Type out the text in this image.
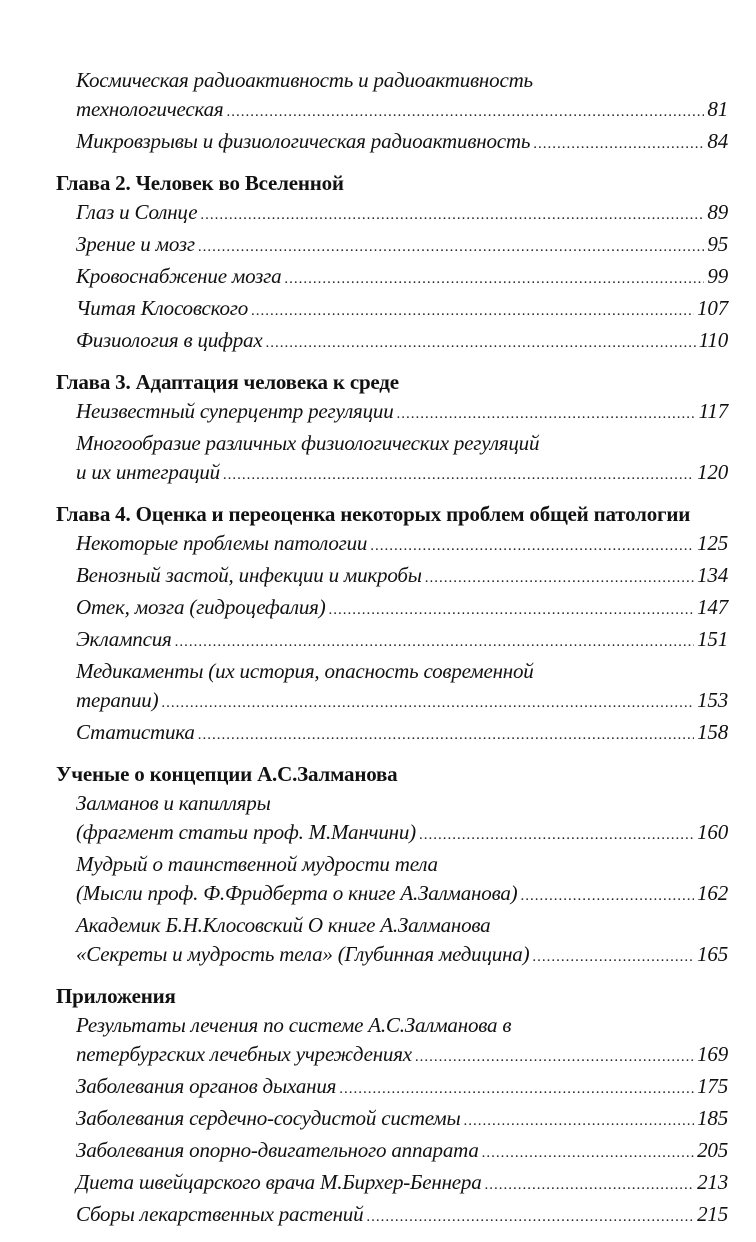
Космическая радиоактивность и радиоактивность
технологическая .....	81
Микровзрывы и физиологическая радиоактивность .....	84
Глава 2. Человек во Вселенной
Глаз и Солнце .....	89
Зрение и мозг .....	95
Кровоснабжение мозга .....	99
Читая Клосовского .....	107
Физиология в цифрах .....	110
Глава 3. Адаптация человека к среде
Неизвестный суперцентр регуляции .....	117
Многообразие различных физиологических регуляций
и их интеграций .....	120
Глава 4. Оценка и переоценка некоторых проблем общей патологии
Некоторые проблемы патологии .....	125
Венозный застой, инфекции и микробы .....	134
Отек, мозга (гидроцефалия) .....	147
Эклампсия .....	151
Медикаменты (их история, опасность современной
терапии) .....	153
Статистика .....	158
Ученые о концепции А.С.Залманова
Залманов и капилляры
(фрагмент статьи проф. М.Манчини) .....	160
Мудрый о таинственной мудрости тела
(Мысли проф. Ф.Фридберта о книге А.Залманова) .....	162
Академик Б.Н.Клосовский О книге А.Залманова
«Секреты и мудрость тела» (Глубинная медицина) .....	165
Приложения
Результаты лечения по системе А.С.Залманова в
петербургских лечебных учреждениях .....	169
Заболевания органов дыхания .....	175
Заболевания сердечно-сосудистой системы .....	185
Заболевания опорно-двигательного аппарата .....	205
Диета швейцарского врача М.Бирхер-Беннера .....	213
Сборы лекарственных растений .....	215
